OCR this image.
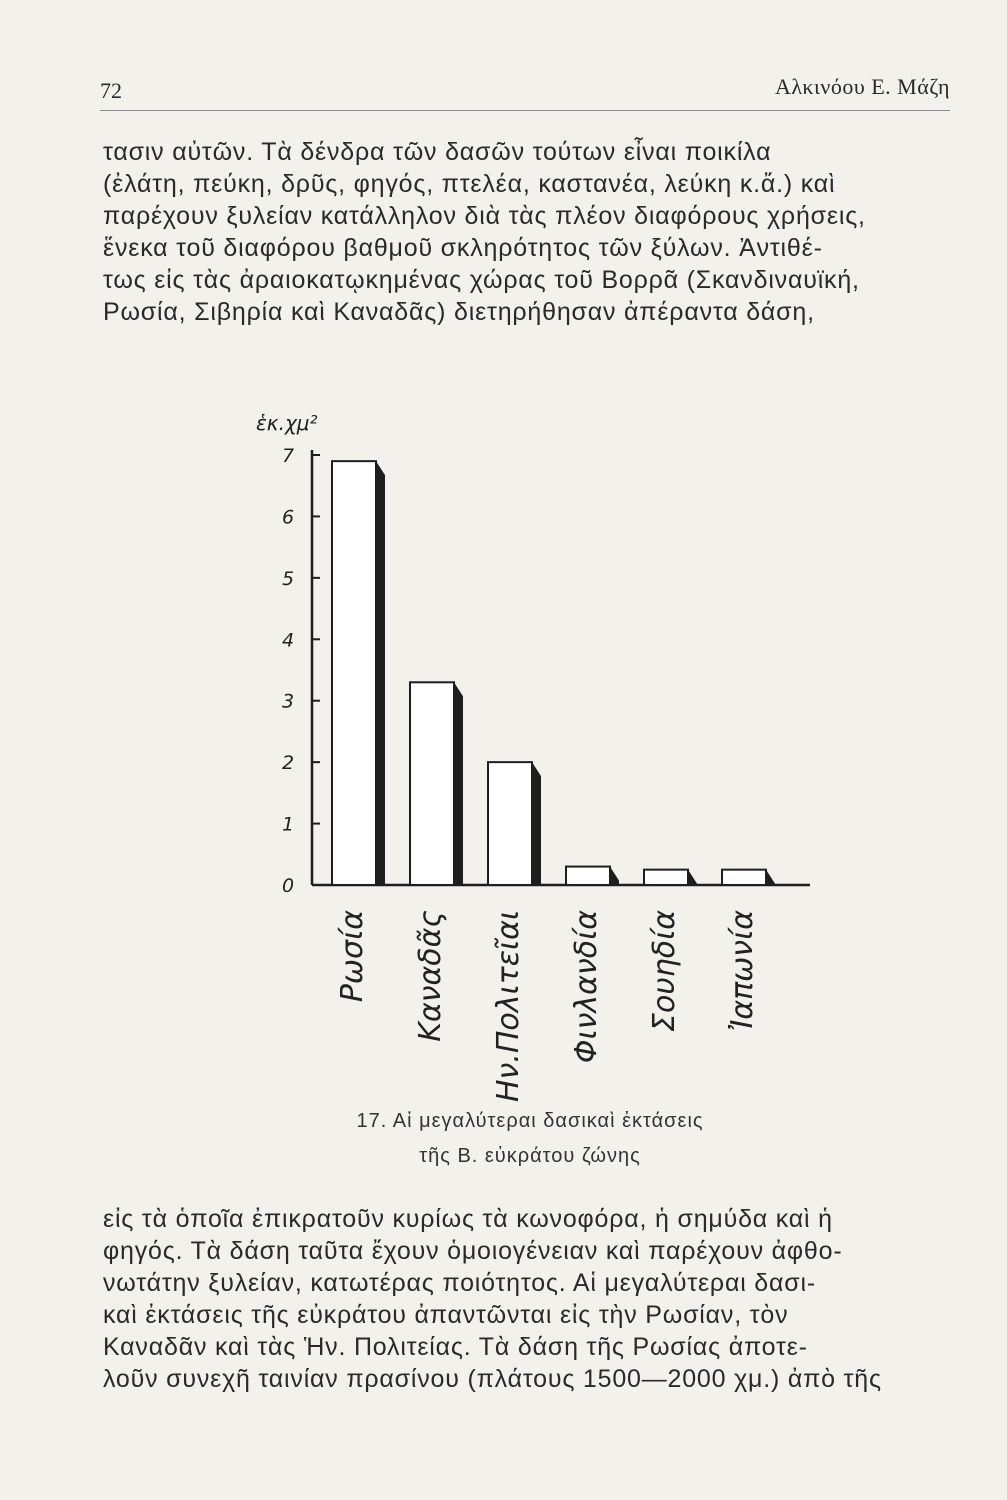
72	Αλκινόου Ε. Μάζη

τασιν αὐτῶν. Τὰ δένδρα τῶν δασῶν τούτων εἶναι ποικίλα
(ἐλάτη, πεύκη, δρῦς, φηγός, πτελέα, καστανέα, λεύκη κ.ἄ.) καὶ
παρέχουν ξυλείαν κατάλληλον διὰ τὰς πλέον διαφόρους χρήσεις,
ἕνεκα τοῦ διαφόρου βαθμοῦ σκληρότητος τῶν ξύλων. Ἀντιθέ-
τως εἰς τὰς ἀραιοκατῳκημένας χώρας τοῦ Βορρᾶ (Σκανδιναυϊκή,
Ρωσία, Σιβηρία καὶ Καναδᾶς) διετηρήθησαν ἀπέραντα δάση,

ἑκ.χμ²
0
1
2
3
4
5
6
7
Ρωσία Καναδᾶς Ην.Πολιτεῖαι Φινλανδία Σουηδία Ἰαπωνία
17. Αἱ μεγαλύτεραι δασικαὶ ἐκτάσεις
τῆς Β. εὐκράτου ζώνης

εἰς τὰ ὁποῖα ἐπικρατοῦν κυρίως τὰ κωνοφόρα, ἡ σημύδα καὶ ἡ
φηγός. Τὰ δάση ταῦτα ἔχουν ὁμοιογένειαν καὶ παρέχουν ἀφθο-
νωτάτην ξυλείαν, κατωτέρας ποιότητος. Αἱ μεγαλύτεραι δασι-
καὶ ἐκτάσεις τῆς εὐκράτου ἀπαντῶνται εἰς τὴν Ρωσίαν, τὸν
Καναδᾶν καὶ τὰς Ἡν. Πολιτείας. Τὰ δάση τῆς Ρωσίας ἀποτε-
λοῦν συνεχῆ ταινίαν πρασίνου (πλάτους 1500—2000 χμ.) ἀπὸ τῆς
